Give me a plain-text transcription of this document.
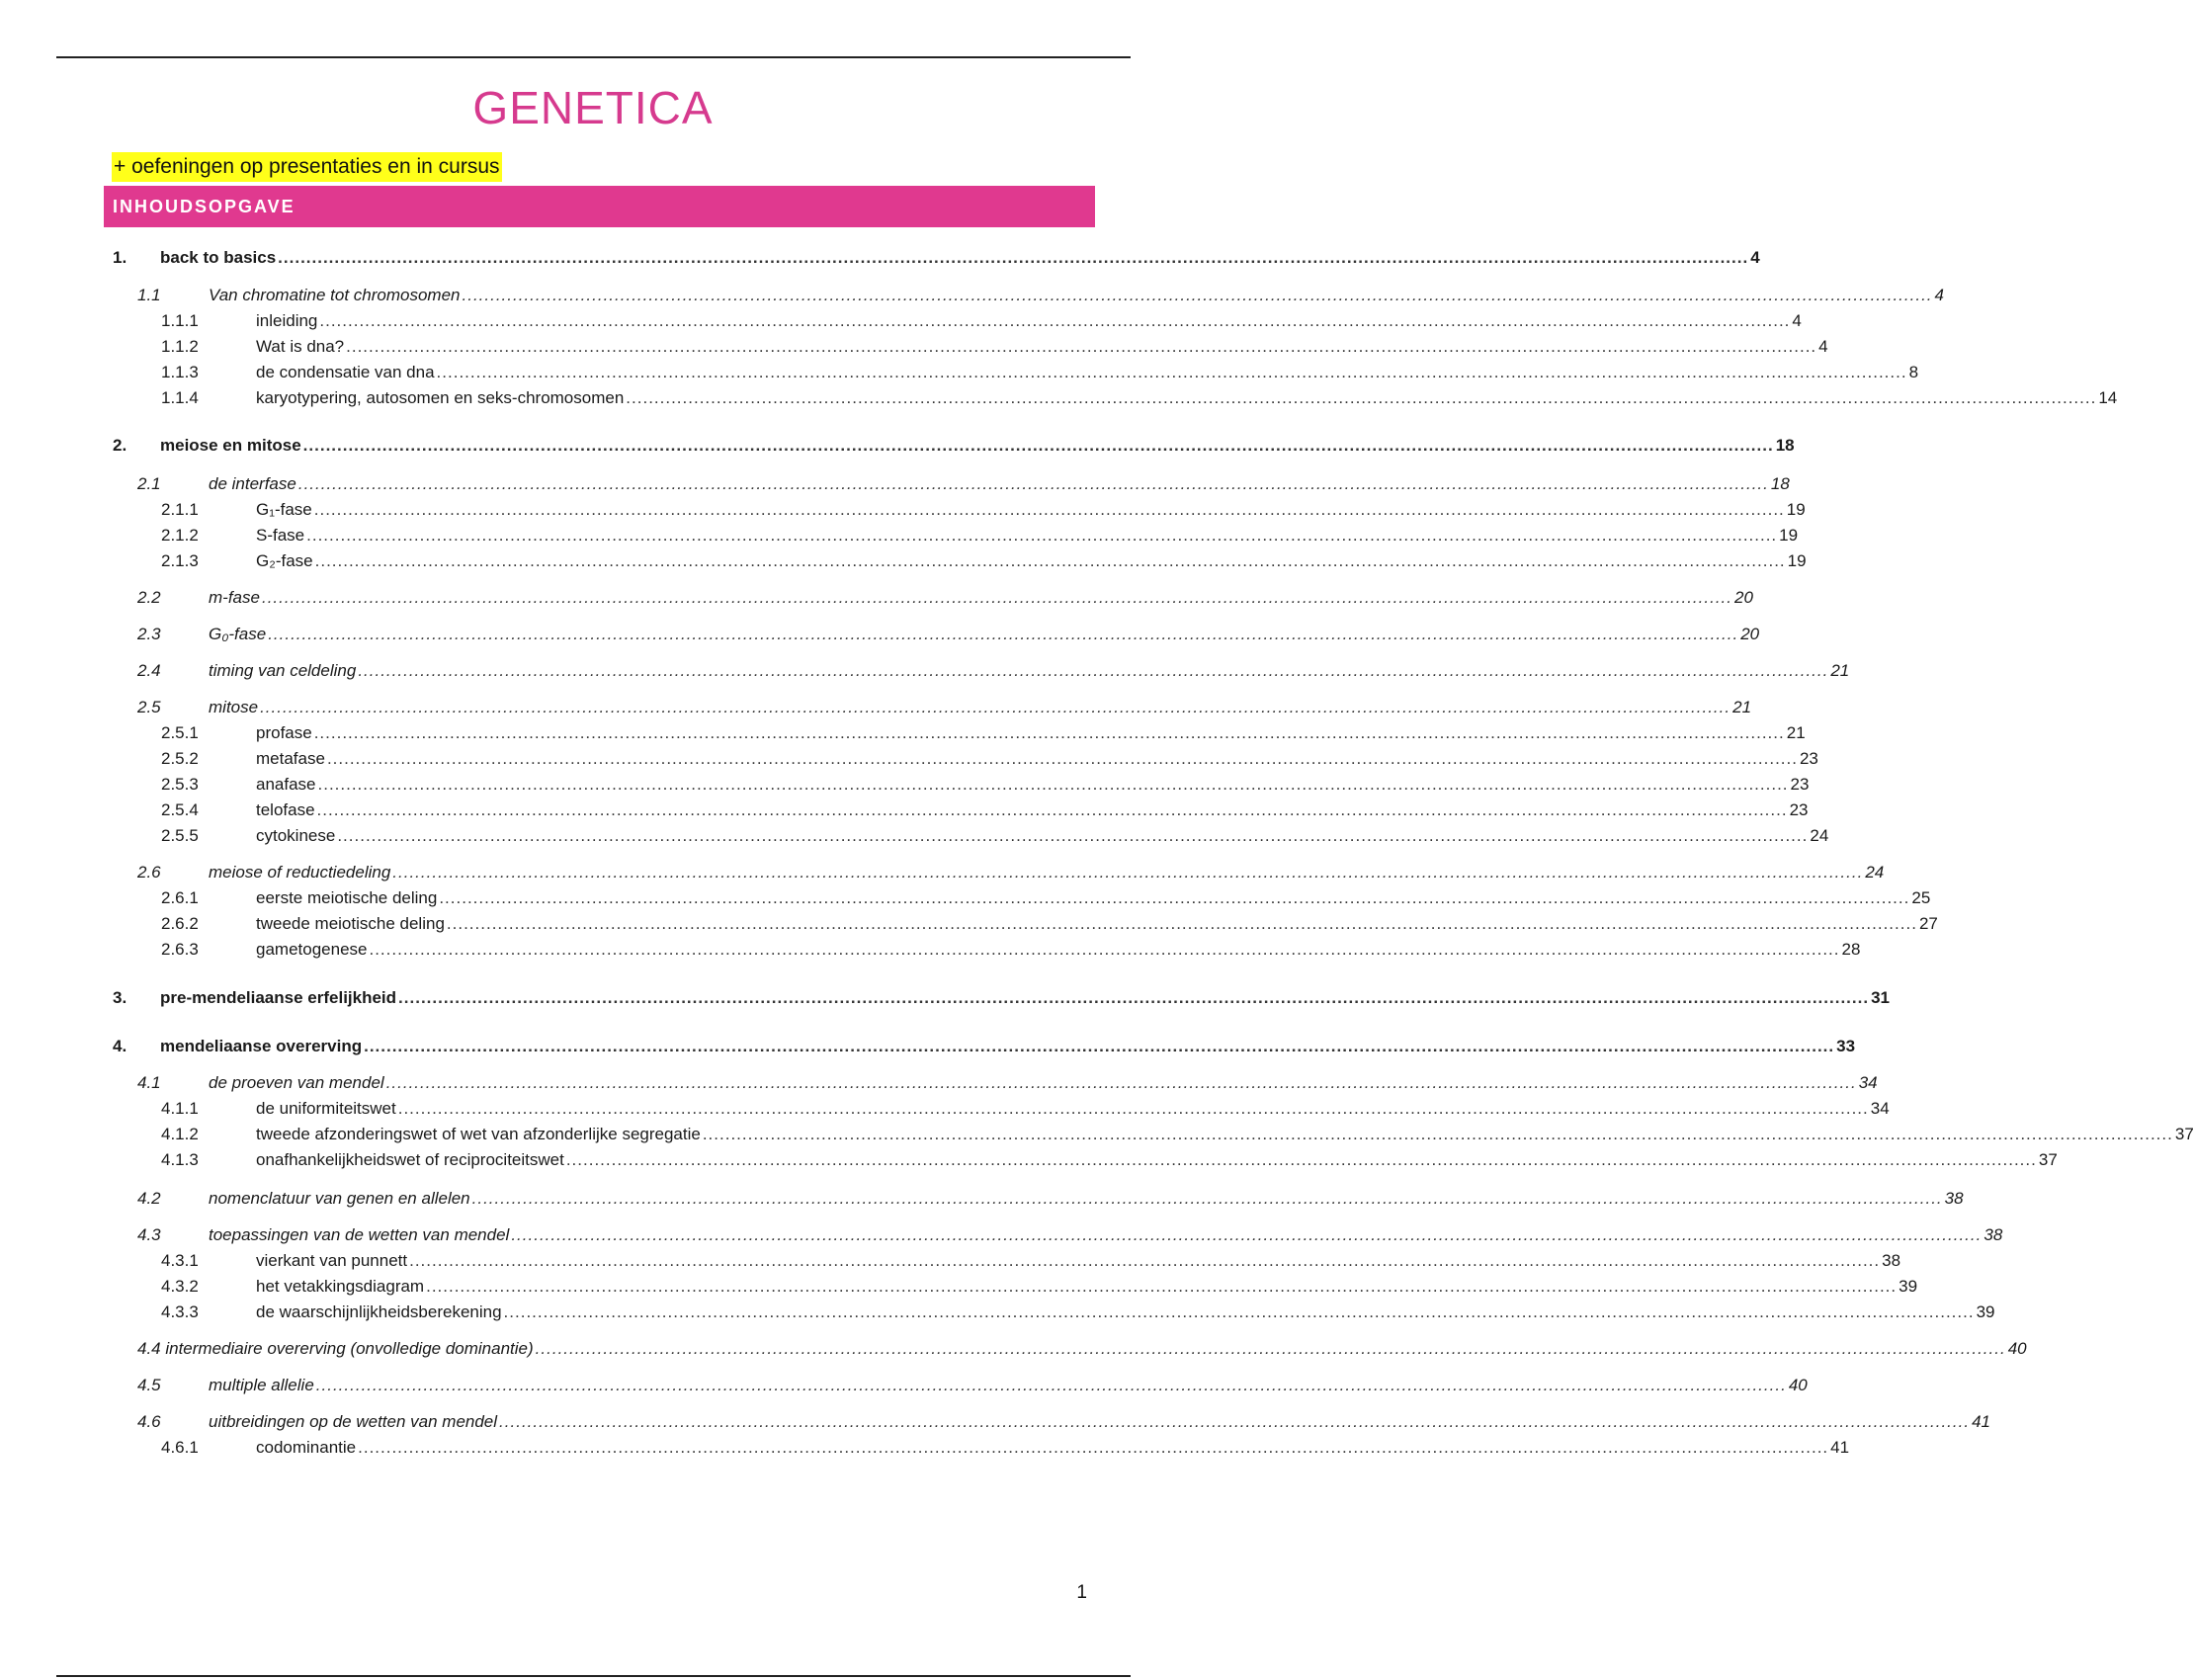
GENETICA
+ oefeningen op presentaties en in cursus
INHOUDSOPGAVE
1. back to basics .................................................................................................................................................................................................................................................................... 4
1.1	Van chromatine tot chromosomen .................................................................................................................................................................................................................................................................... 4
1.1.1	inleiding .................................................................................................................................................................................................................................................................... 4
1.1.2	Wat is dna? .................................................................................................................................................................................................................................................................... 4
1.1.3	de condensatie van dna .................................................................................................................................................................................................................................................................... 8
1.1.4	karyotypering, autosomen en seks-chromosomen .................................................................................................................................................................................................................................................................... 14
2. meiose en mitose .................................................................................................................................................................................................................................................................... 18
2.1	de interfase .................................................................................................................................................................................................................................................................... 18
2.1.1	G₁-fase .................................................................................................................................................................................................................................................................... 19
2.1.2	S-fase .................................................................................................................................................................................................................................................................... 19
2.1.3	G₂-fase .................................................................................................................................................................................................................................................................... 19
2.2	m-fase .................................................................................................................................................................................................................................................................... 20
2.3	G₀-fase .................................................................................................................................................................................................................................................................... 20
2.4	timing van celdeling .................................................................................................................................................................................................................................................................... 21
2.5	mitose .................................................................................................................................................................................................................................................................... 21
2.5.1	profase .................................................................................................................................................................................................................................................................... 21
2.5.2	metafase .................................................................................................................................................................................................................................................................... 23
2.5.3	anafase .................................................................................................................................................................................................................................................................... 23
2.5.4	telofase .................................................................................................................................................................................................................................................................... 23
2.5.5	cytokinese .................................................................................................................................................................................................................................................................... 24
2.6	meiose of reductiedeling .................................................................................................................................................................................................................................................................... 24
2.6.1	eerste meiotische deling .................................................................................................................................................................................................................................................................... 25
2.6.2	tweede meiotische deling .................................................................................................................................................................................................................................................................... 27
2.6.3	gametogenese .................................................................................................................................................................................................................................................................... 28
3. pre-mendeliaanse erfelijkheid .................................................................................................................................................................................................................................................................... 31
4. mendeliaanse overerving .................................................................................................................................................................................................................................................................... 33
4.1	de proeven van mendel .................................................................................................................................................................................................................................................................... 34
4.1.1	de uniformiteitswet .................................................................................................................................................................................................................................................................... 34
4.1.2	tweede afzonderingswet of wet van afzonderlijke segregatie .................................................................................................................................................................................................................................................................... 37
4.1.3	onafhankelijkheidswet of reciprociteitswet .................................................................................................................................................................................................................................................................... 37
4.2	nomenclatuur van genen en allelen .................................................................................................................................................................................................................................................................... 38
4.3	toepassingen van de wetten van mendel .................................................................................................................................................................................................................................................................... 38
4.3.1	vierkant van punnett .................................................................................................................................................................................................................................................................... 38
4.3.2	het vetakkingsdiagram .................................................................................................................................................................................................................................................................... 39
4.3.3	de waarschijnlijkheidsberekening .................................................................................................................................................................................................................................................................... 39
4.4 intermediaire overerving (onvolledige dominantie) .................................................................................................................................................................................................................................................................... 40
4.5	multiple allelie .................................................................................................................................................................................................................................................................... 40
4.6	uitbreidingen op de wetten van mendel .................................................................................................................................................................................................................................................................... 41
4.6.1	codominantie .................................................................................................................................................................................................................................................................... 41
1
